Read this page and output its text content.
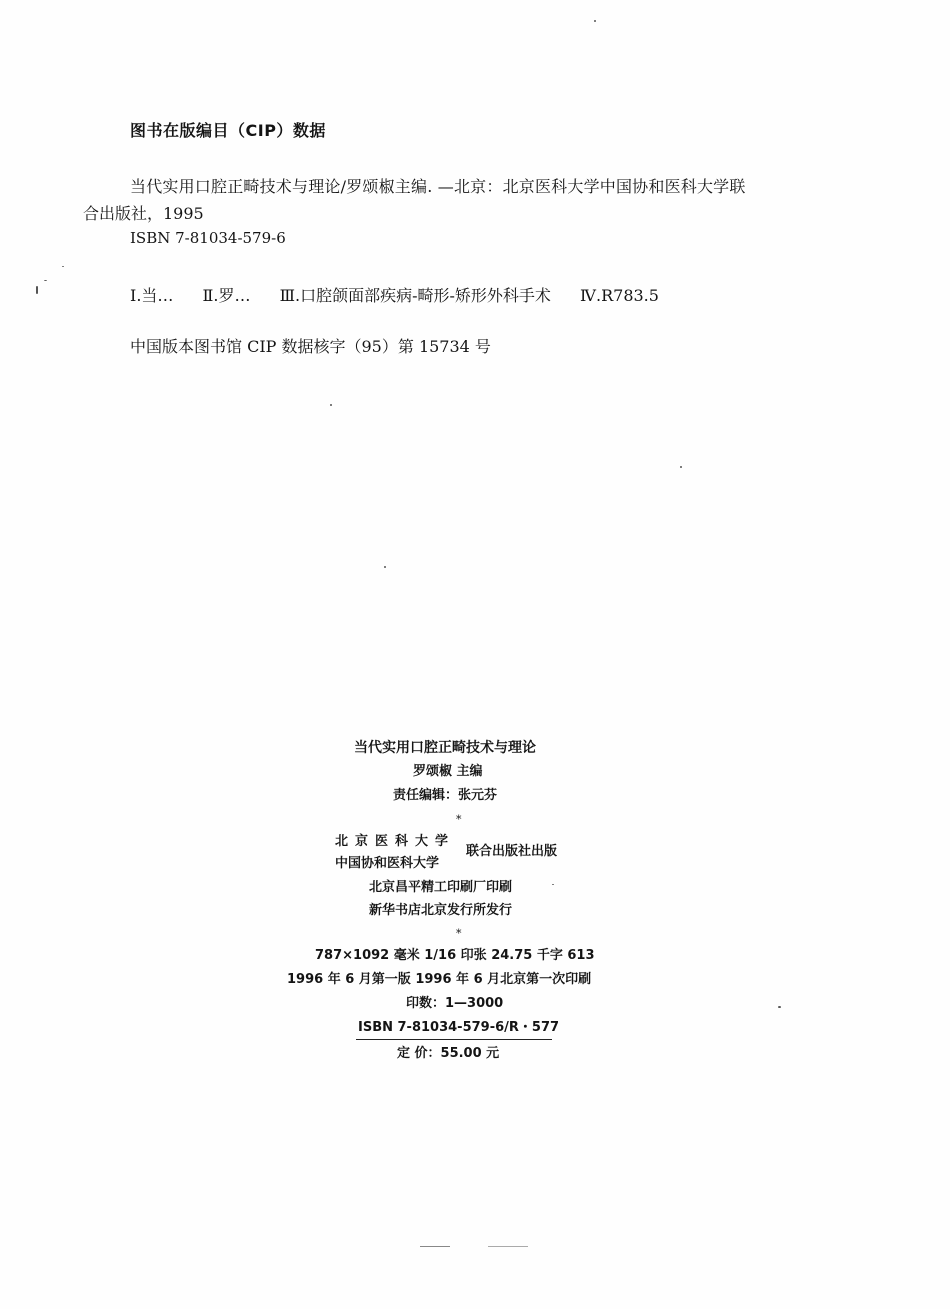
图书在版编目（CIP）数据
当代实用口腔正畸技术与理论/罗颂椒主编. —北京：北京医科大学中国协和医科大学联
合出版社，1995
ISBN 7-81034-579-6
Ⅰ.当… Ⅱ.罗… Ⅲ.口腔颌面部疾病-畸形-矫形外科手术 Ⅳ.R783.5
中国版本图书馆 CIP 数据核字（95）第 15734 号
当代实用口腔正畸技术与理论
罗颂椒 主编
责任编辑：张元芬
*
北京医科大学
中国协和医科大学
联合出版社出版
北京昌平精工印刷厂印刷
新华书店北京发行所发行
*
787×1092 毫米 1/16 印张 24.75 千字 613
1996 年 6 月第一版 1996 年 6 月北京第一次印刷
印数：1—3000
ISBN 7-81034-579-6/R・577
定 价：55.00 元
